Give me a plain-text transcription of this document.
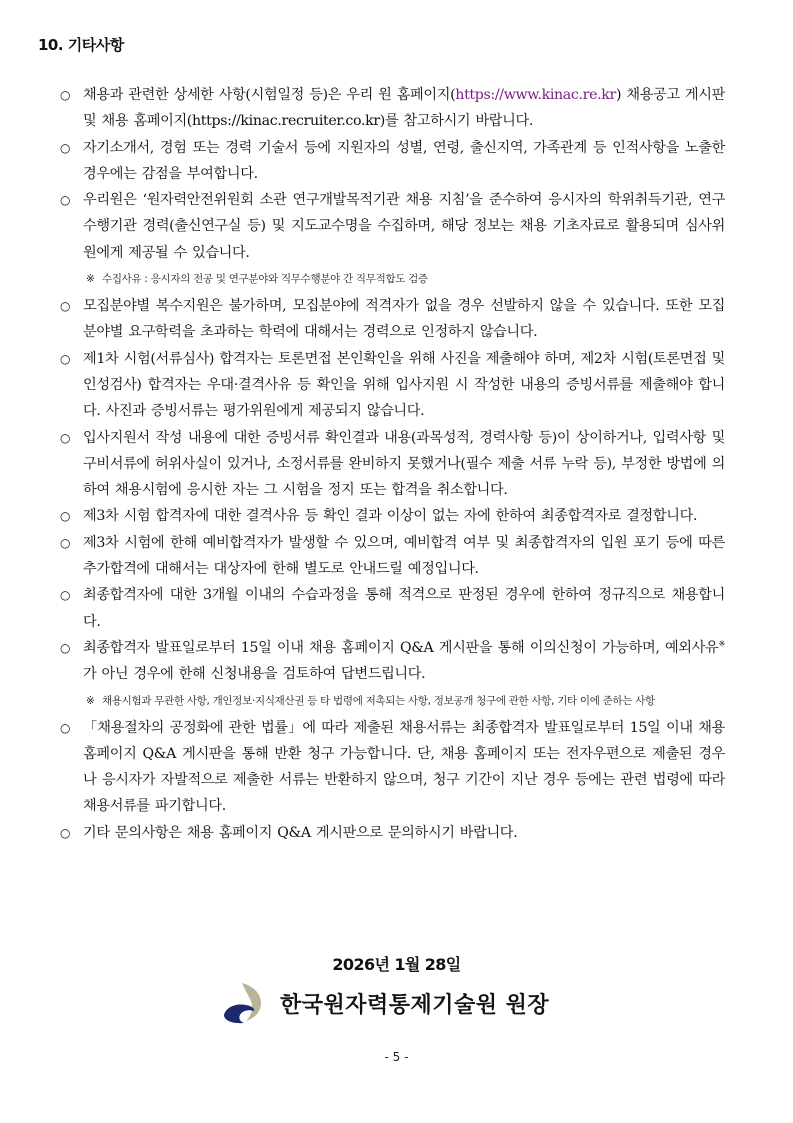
10. 기타사항
○ 채용과 관련한 상세한 사항(시험일정 등)은 우리 원 홈페이지(https://www.kinac.re.kr) 채용공고 게시판 및 채용 홈페이지(https://kinac.recruiter.co.kr)를 참고하시기 바랍니다.
○ 자기소개서, 경험 또는 경력 기술서 등에 지원자의 성별, 연령, 출신지역, 가족관계 등 인적사항을 노출한 경우에는 감점을 부여합니다.
○ 우리원은 ‘원자력안전위원회 소관 연구개발목적기관 채용 지침’을 준수하여 응시자의 학위취득기관, 연구수행기관 경력(출신연구실 등) 및 지도교수명을 수집하며, 해당 정보는 채용 기초자료로 활용되며 심사위원에게 제공될 수 있습니다.
※ 수집사유 : 응시자의 전공 및 연구분야와 직무수행분야 간 직무적합도 검증
○ 모집분야별 복수지원은 불가하며, 모집분야에 적격자가 없을 경우 선발하지 않을 수 있습니다. 또한 모집분야별 요구학력을 초과하는 학력에 대해서는 경력으로 인정하지 않습니다.
○ 제1차 시험(서류심사) 합격자는 토론면접 본인확인을 위해 사진을 제출해야 하며, 제2차 시험(토론면접 및 인성검사) 합격자는 우대·결격사유 등 확인을 위해 입사지원 시 작성한 내용의 증빙서류를 제출해야 합니다. 사진과 증빙서류는 평가위원에게 제공되지 않습니다.
○ 입사지원서 작성 내용에 대한 증빙서류 확인결과 내용(과목성적, 경력사항 등)이 상이하거나, 입력사항 및 구비서류에 허위사실이 있거나, 소정서류를 완비하지 못했거나(필수 제출 서류 누락 등), 부정한 방법에 의하여 채용시험에 응시한 자는 그 시험을 정지 또는 합격을 취소합니다.
○ 제3차 시험 합격자에 대한 결격사유 등 확인 결과 이상이 없는 자에 한하여 최종합격자로 결정합니다.
○ 제3차 시험에 한해 예비합격자가 발생할 수 있으며, 예비합격 여부 및 최종합격자의 입원 포기 등에 따른 추가합격에 대해서는 대상자에 한해 별도로 안내드릴 예정입니다.
○ 최종합격자에 대한 3개월 이내의 수습과정을 통해 적격으로 판정된 경우에 한하여 정규직으로 채용합니다.
○ 최종합격자 발표일로부터 15일 이내 채용 홈페이지 Q&A 게시판을 통해 이의신청이 가능하며, 예외사유※가 아닌 경우에 한해 신청내용을 검토하여 답변드립니다.
※ 채용시험과 무관한 사항, 개인정보·지식재산권 등 타 법령에 저촉되는 사항, 정보공개 청구에 관한 사항, 기타 이에 준하는 사항
○ 「채용절차의 공정화에 관한 법률」에 따라 제출된 채용서류는 최종합격자 발표일로부터 15일 이내 채용 홈페이지 Q&A 게시판을 통해 반환 청구 가능합니다. 단, 채용 홈페이지 또는 전자우편으로 제출된 경우나 응시자가 자발적으로 제출한 서류는 반환하지 않으며, 청구 기간이 지난 경우 등에는 관련 법령에 따라 채용서류를 파기합니다.
○ 기타 문의사항은 채용 홈페이지 Q&A 게시판으로 문의하시기 바랍니다.
2026년 1월 28일
한국원자력통제기술원 원장
- 5 -
